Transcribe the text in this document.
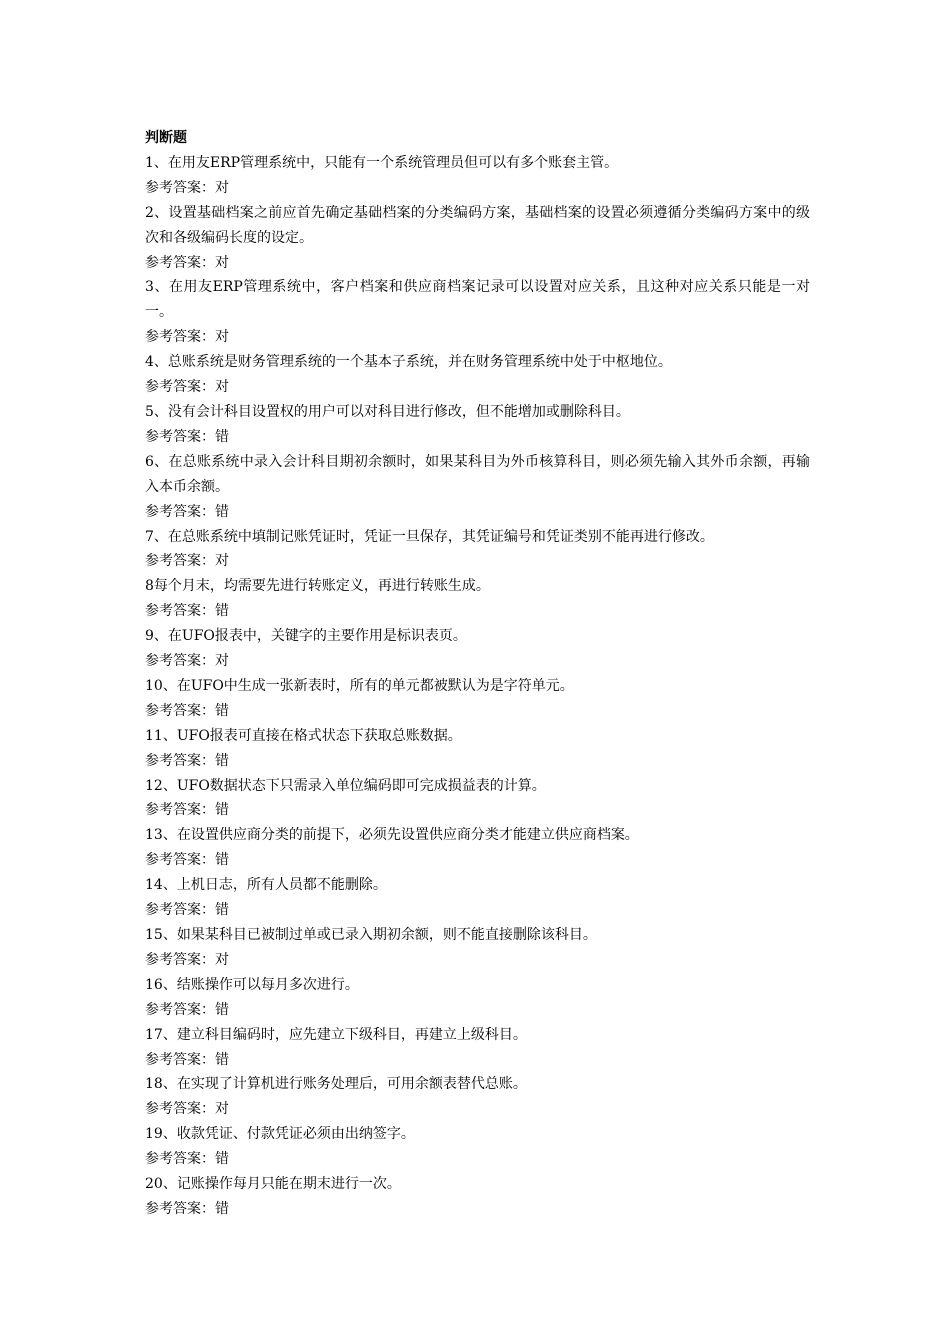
判断题

1、在用友ERP管理系统中，只能有一个系统管理员但可以有多个账套主管。

参考答案：对

2、设置基础档案之前应首先确定基础档案的分类编码方案，基础档案的设置必须遵循分类编码方案中的级次和各级编码长度的设定。

参考答案：对

3、在用友ERP管理系统中，客户档案和供应商档案记录可以设置对应关系，且这种对应关系只能是一对一。

参考答案：对

4、总账系统是财务管理系统的一个基本子系统，并在财务管理系统中处于中枢地位。

参考答案：对

5、没有会计科目设置权的用户可以对科目进行修改，但不能增加或删除科目。

参考答案：错

6、在总账系统中录入会计科目期初余额时，如果某科目为外币核算科目，则必须先输入其外币余额，再输入本币余额。

参考答案：错

7、在总账系统中填制记账凭证时，凭证一旦保存，其凭证编号和凭证类别不能再进行修改。

参考答案：对

8每个月末，均需要先进行转账定义，再进行转账生成。

参考答案：错

9、在UFO报表中，关键字的主要作用是标识表页。

参考答案：对

10、在UFO中生成一张新表时，所有的单元都被默认为是字符单元。

参考答案：错

11、UFO报表可直接在格式状态下获取总账数据。

参考答案：错

12、UFO数据状态下只需录入单位编码即可完成损益表的计算。

参考答案：错

13、在设置供应商分类的前提下，必须先设置供应商分类才能建立供应商档案。

参考答案：错

14、上机日志，所有人员都不能删除。

参考答案：错

15、如果某科目已被制过单或已录入期初余额，则不能直接删除该科目。

参考答案：对

16、结账操作可以每月多次进行。

参考答案：错

17、建立科目编码时，应先建立下级科目，再建立上级科目。

参考答案：错

18、在实现了计算机进行账务处理后，可用余额表替代总账。

参考答案：对

19、收款凭证、付款凭证必须由出纳签字。

参考答案：错

20、记账操作每月只能在期末进行一次。

参考答案：错
